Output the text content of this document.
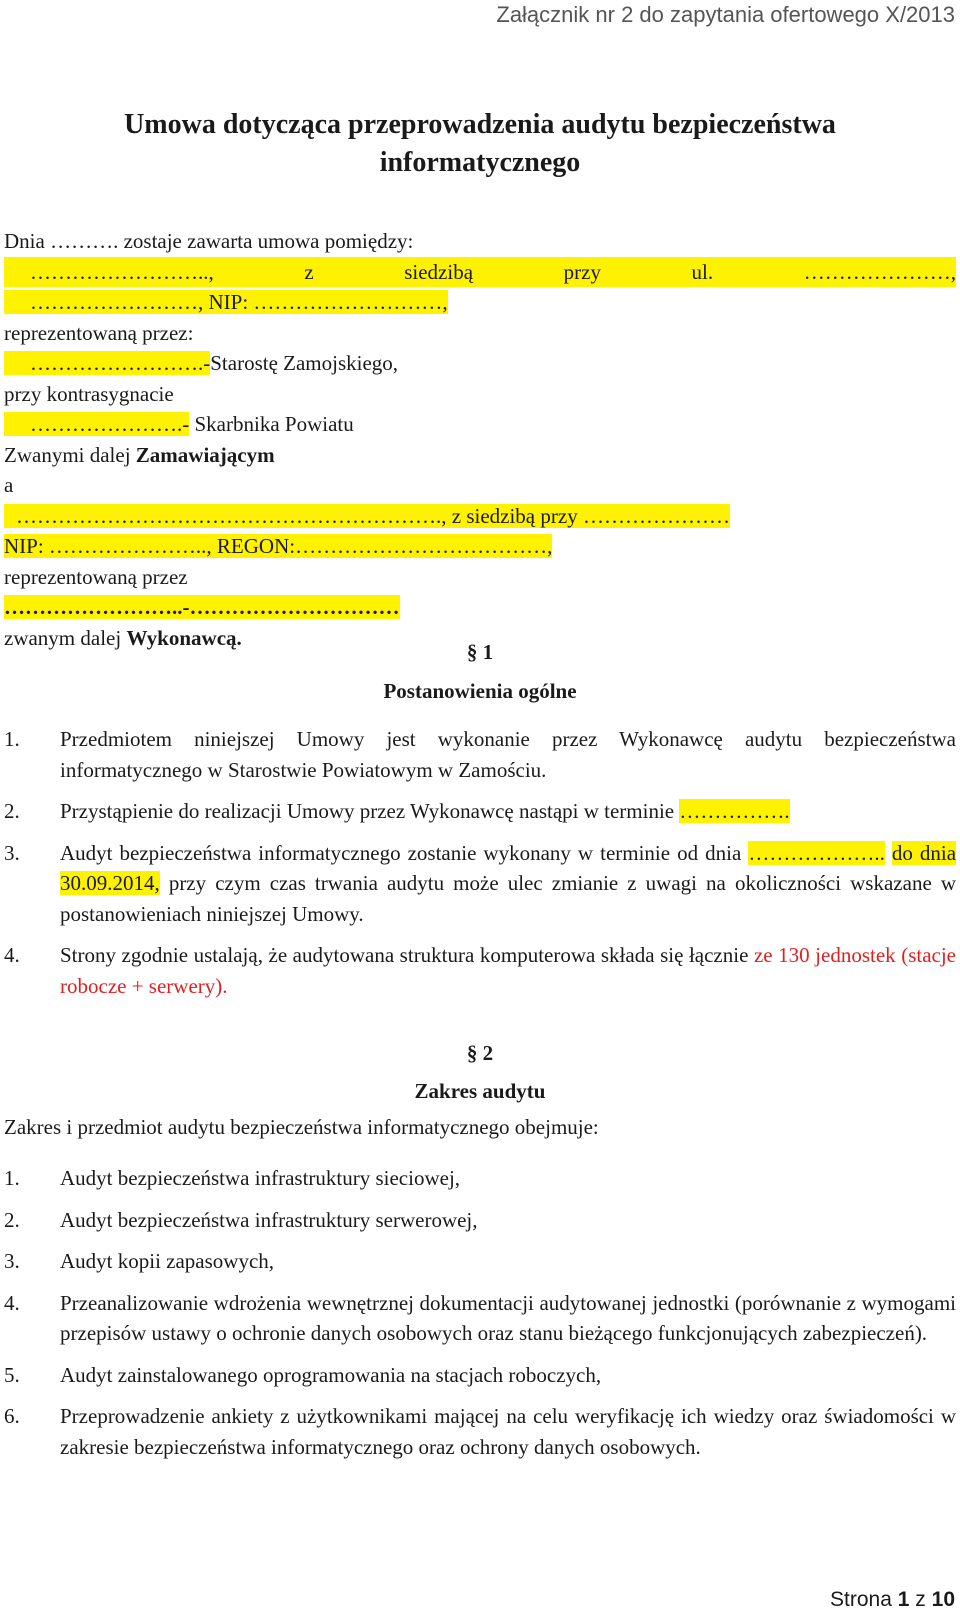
Załącznik nr 2 do zapytania ofertowego X/2013
Umowa dotycząca przeprowadzenia audytu bezpieczeństwa
informatycznego
Dnia ………. zostaje zawarta umowa pomiędzy:
……………………..,	z	siedzibą	przy	ul.	…………………,
……………………, NIP: ………………………,
reprezentowaną przez:
…………………….-Starostę Zamojskiego,
przy kontrasygnacie
………………….- Skarbnika Powiatu
Zwanymi dalej Zamawiającym
a
……………………………………………………., z siedzibą przy …………………
NIP: ………………….., REGON:………………………………,
reprezentowaną przez
……………………..-…………………………
zwanym dalej Wykonawcą.
§ 1
Postanowienia ogólne
1.	Przedmiotem niniejszej Umowy jest wykonanie przez Wykonawcę audytu bezpieczeństwa informatycznego w Starostwie Powiatowym w Zamościu.
2.	Przystąpienie do realizacji Umowy przez Wykonawcę nastąpi w terminie …………….
3.	Audyt bezpieczeństwa informatycznego zostanie wykonany w terminie od dnia ……………….. do dnia 30.09.2014, przy czym czas trwania audytu może ulec zmianie z uwagi na okoliczności wskazane w postanowieniach niniejszej Umowy.
4.	Strony zgodnie ustalają, że audytowana struktura komputerowa składa się łącznie ze 130 jednostek (stacje robocze + serwery).
§ 2
Zakres audytu
Zakres i przedmiot audytu bezpieczeństwa informatycznego obejmuje:
1.	Audyt bezpieczeństwa infrastruktury sieciowej,
2.	Audyt bezpieczeństwa infrastruktury serwerowej,
3.	Audyt kopii zapasowych,
4.	Przeanalizowanie wdrożenia wewnętrznej dokumentacji audytowanej jednostki (porównanie z wymogami przepisów ustawy o ochronie danych osobowych oraz stanu bieżącego funkcjonujących zabezpieczeń).
5.	Audyt zainstalowanego oprogramowania na stacjach roboczych,
6.	Przeprowadzenie ankiety z użytkownikami mającej na celu weryfikację ich wiedzy oraz świadomości w zakresie bezpieczeństwa informatycznego oraz ochrony danych osobowych.
Strona 1 z 10
